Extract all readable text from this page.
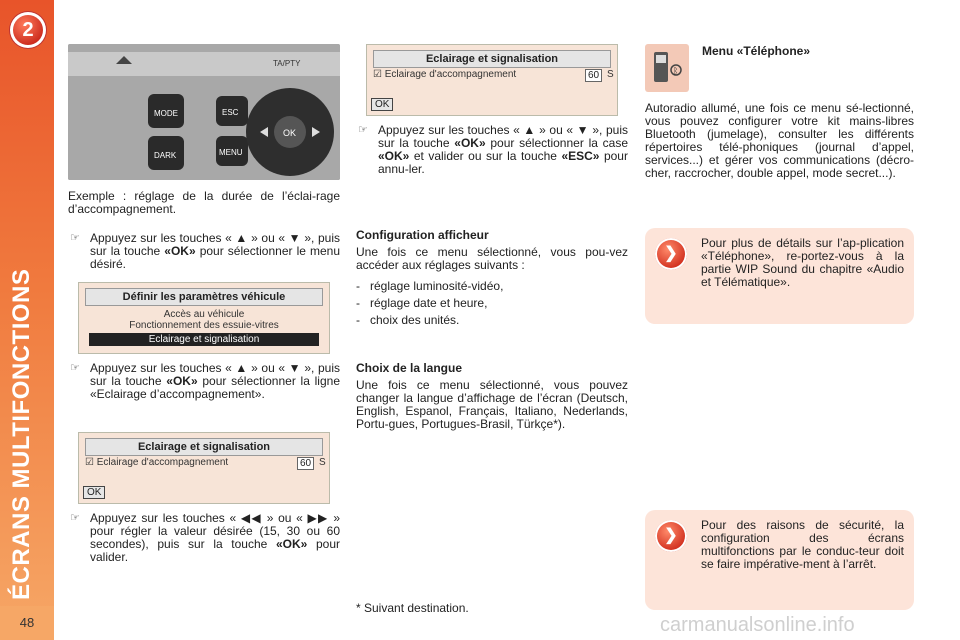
2
ÉCRANS MULTIFONCTIONS
48
TA/PTY
MODE
DARK
ESC
MENU
OK

Exemple : réglage de la durée de l’éclai-rage d’accompagnement.

☞ Appuyez sur les touches « ▲ » ou « ▼ », puis sur la touche «OK» pour sélectionner le menu désiré.
Définir les paramètres véhicule
Accès au véhicule
Fonctionnement des essuie-vitres
Eclairage et signalisation
☞ Appuyez sur les touches « ▲ » ou « ▼ », puis sur la touche «OK» pour sélectionner la ligne «Eclairage d’accompagnement».
Eclairage et signalisation
☑ Eclairage d'accompagnement	60 S
OK
☞ Appuyez sur les touches « ◀◀ » ou « ▶▶ » pour régler la valeur désirée (15, 30 ou 60 secondes), puis sur la touche «OK» pour valider.
Eclairage et signalisation
☑ Eclairage d'accompagnement	60 S
OK
☞ Appuyez sur les touches « ▲ » ou « ▼ », puis sur la touche «OK» pour sélectionner la case «OK» et valider ou sur la touche «ESC» pour annu-ler.

Configuration afficheur

Une fois ce menu sélectionné, vous pou-vez accéder aux réglages suivants :

-   réglage luminosité-vidéo,
-   réglage date et heure,
-   choix des unités.

Choix de la langue

Une fois ce menu sélectionné, vous pouvez changer la langue d’affichage de l’écran (Deutsch, English, Espanol, Français, Italiano, Nederlands, Portu-gues, Portugues-Brasil, Türkçe*).

* Suivant destination.
ᛒ
Menu «Téléphone»

Autoradio allumé, une fois ce menu sé-lectionné, vous pouvez configurer votre kit mains-libres Bluetooth (jumelage), consulter les différents répertoires télé-phoniques (journal d’appel, services...) et gérer vos communications (décro-cher, raccrocher, double appel, mode secret...).

❯
Pour plus de détails sur l’ap-plication «Téléphone», re-portez-vous à la partie WIP Sound du chapitre «Audio et Télématique».
❯
Pour des raisons de sécurité, la configuration des écrans multifonctions par le conduc-teur doit se faire impérative-ment à l’arrêt.
carmanualsonline.info
